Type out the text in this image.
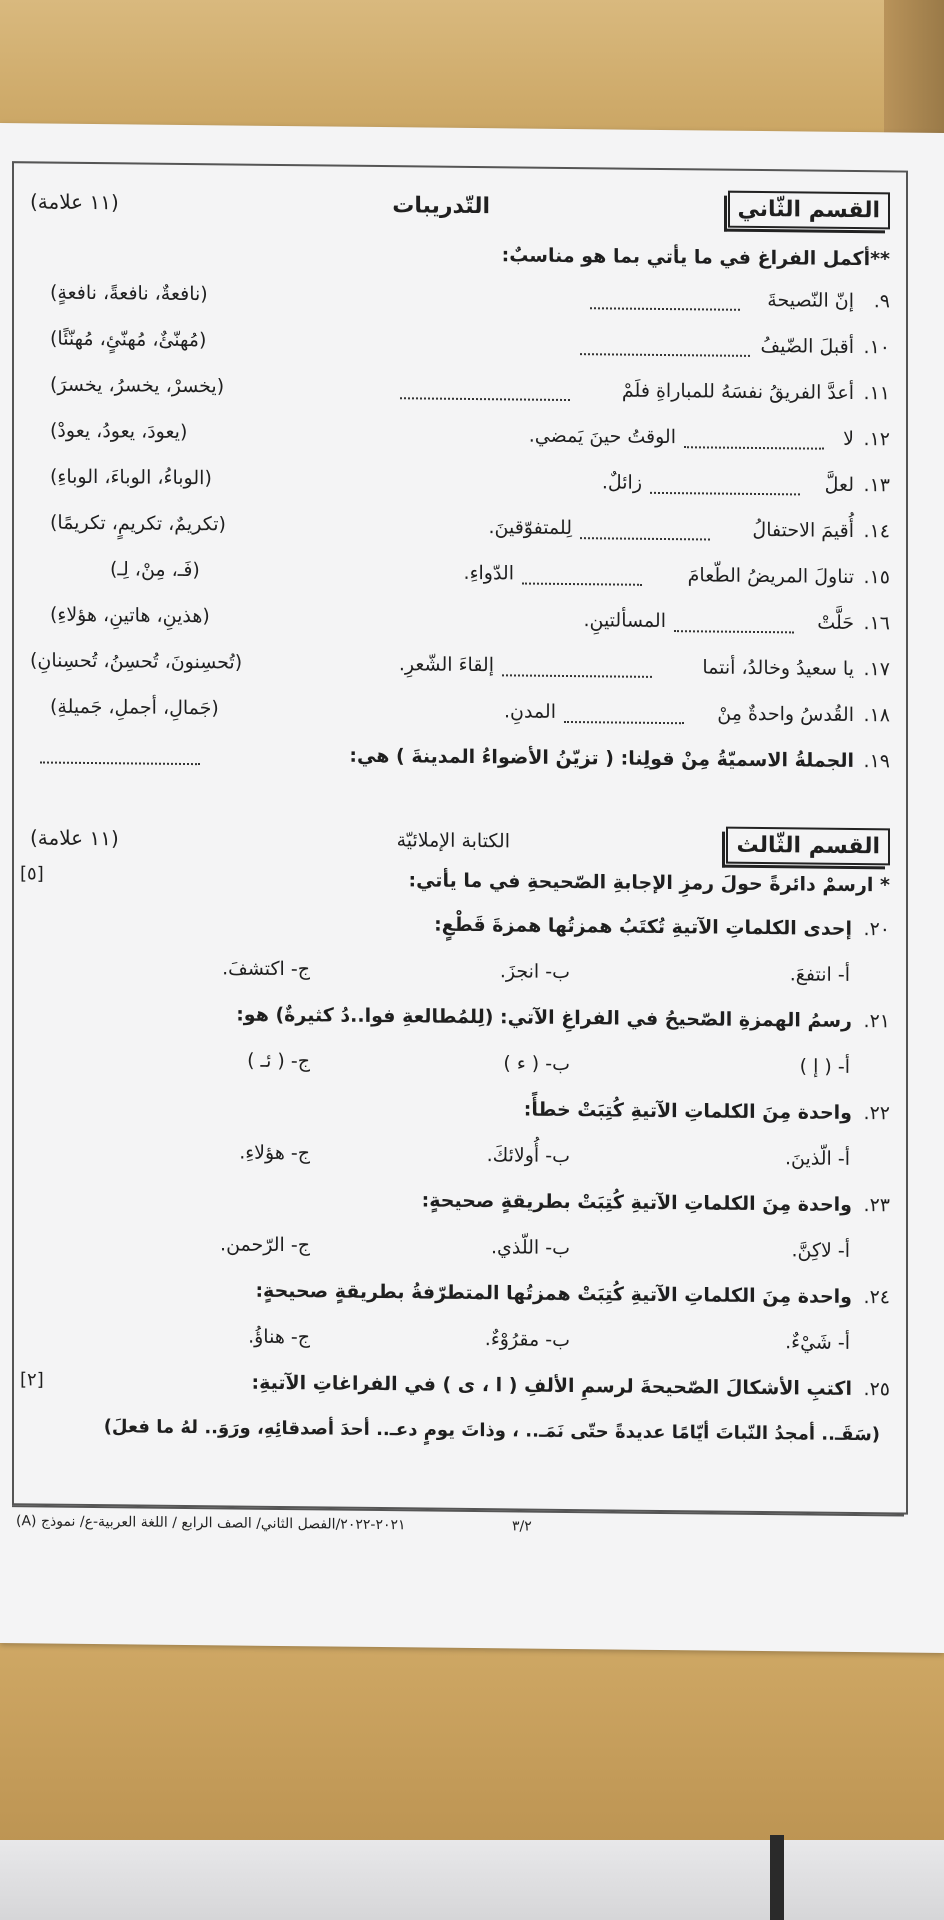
القسم الثّاني
التّدريبات
(١١ علامة)
**أكمل الفراغ في ما يأتي بما هو مناسبٌ:
٩.
إنّ النّصيحةَ
(نافعةٌ، نافعةً، نافعةٍ)
١٠.
أقبلَ الضّيفُ
(مُهنّئٌ، مُهنّئٍ، مُهنّئًا)
١١.
أعدَّ الفريقُ نفسَهُ للمباراةِ فلَمْ
(يخسرْ، يخسرُ، يخسرَ)
١٢.
لا
الوقتُ حينَ يَمضي.
(يعودَ، يعودُ، يعودْ)
١٣.
لعلَّ
زائلٌ.
(الوباءُ، الوباءَ، الوباءِ)
١٤.
أُقيمَ الاحتفالُ
لِلمتفوّقينَ.
(تكريمٌ، تكريمٍ، تكريمًا)
١٥.
تناولَ المريضُ الطّعامَ
الدّواءِ.
(فَـ، مِنْ، لِـ)
١٦.
حَلَّتْ
المسألتينِ.
(هذينِ، هاتينِ، هؤلاءِ)
١٧.
يا سعيدُ وخالدُ، أنتما
إلقاءَ الشّعرِ.
(تُحسِنونَ، تُحسِنُ، تُحسِنانِ)
١٨.
القُدسُ واحدةٌ مِنْ
المدنِ.
(جَمالِ، أجملِ، جَميلةِ)
١٩.
الجملةُ الاسميّةُ مِنْ قولِنا: ( تزيّنُ الأضواءُ المدينةَ ) هي:
القسم الثّالث
الكتابة الإملائيّة
(١١ علامة)
[٥]	* ارسمْ دائرةً حولَ رمزِ الإجابةِ الصّحيحةِ في ما يأتي:
٢٠.
إحدى الكلماتِ الآتيةِ تُكتَبُ همزتُها همزةَ قَطْعٍ:
أ- انتفعَ.
ب- انجزَ.
ج- اكتشفَ.
٢١.
رسمُ الهمزةِ الصّحيحُ في الفراغِ الآتي: (لِلمُطالعةِ فوا..دُ كثيرةٌ) هو:
أ- ( إ )
ب- ( ء )
ج- ( ئـ )
٢٢.
واحدة مِنَ الكلماتِ الآتيةِ كُتِبَتْ خطأً:
أ- الّذينَ.
ب- أُولائكَ.
ج- هؤلاءِ.
٢٣.
واحدة مِنَ الكلماتِ الآتيةِ كُتِبَتْ بطريقةٍ صحيحةٍ:
أ- لاكِنَّ.
ب- اللّذي.
ج- الرّحمن.
٢٤.
واحدة مِنَ الكلماتِ الآتيةِ كُتِبَتْ همزتُها المتطرّفةُ بطريقةٍ صحيحةٍ:
أ- شَيْءٌ.
ب- مقرُوْءٌ.
ج- هناؤُ.
٢٥.
اكتبِ الأشكالَ الصّحيحةَ لرسمِ الألفِ ( ا ، ى ) في الفراغاتِ الآتيةِ:
[٢]
(سَقَـ.. أمجدُ النّباتَ أيّامًا عديدةً حتّى نَمَـ.. ، وذاتَ يومٍ دعـ.. أحدَ أصدقائِهِ، ورَوَ.. لهُ ما فعلَ)
٣/٢
٢٠٢١-٢٠٢٢/الفصل الثاني/ الصف الرابع / اللغة العربية-ع/ نموذج (A)
